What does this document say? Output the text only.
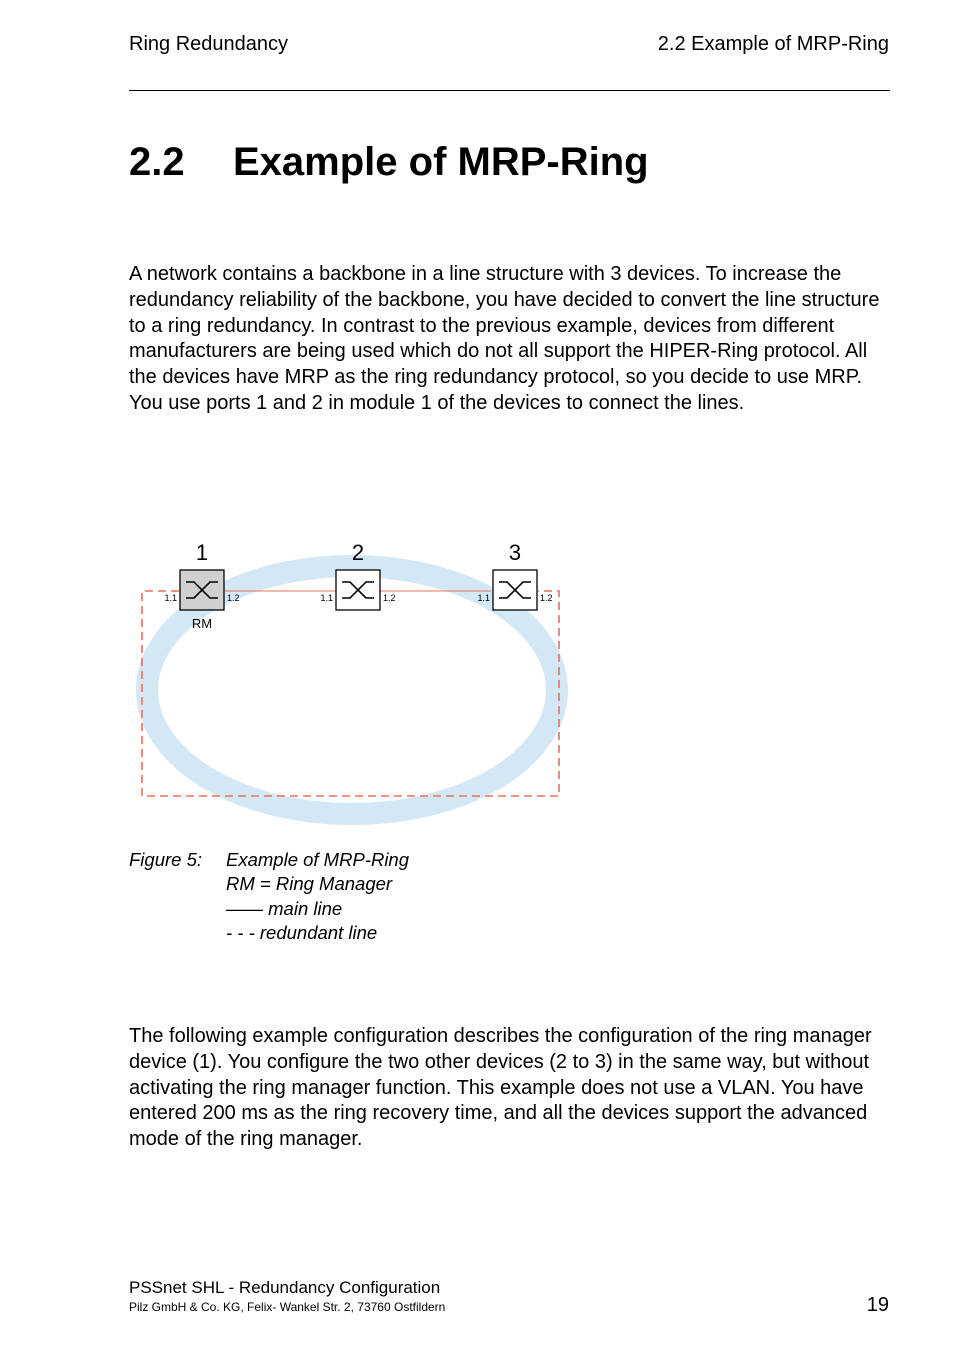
Ring Redundancy	2.2 Example of MRP-Ring
2.2 Example of MRP-Ring

A network contains a backbone in a line structure with 3 devices. To increase the redundancy reliability of the backbone, you have decided to convert the line structure to a ring redundancy. In contrast to the previous example, devices from different manufacturers are being used which do not all support the HIPER-Ring protocol. All the devices have MRP as the ring redundancy protocol, so you decide to use MRP. You use ports 1 and 2 in module 1 of the devices to connect the lines.

1
1.1	1.2
RM
2
1.1	1.2
3
1.1	1.2
Figure 5: Example of MRP-Ring
RM = Ring Manager
—— main line
- - - redundant line

The following example configuration describes the configuration of the ring manager device (1). You configure the two other devices (2 to 3) in the same way, but without activating the ring manager function. This example does not use a VLAN. You have entered 200 ms as the ring recovery time, and all the devices support the advanced mode of the ring manager.

PSSnet SHL - Redundancy Configuration
Pilz GmbH & Co. KG, Felix- Wankel Str. 2, 73760 Ostfildern	19
